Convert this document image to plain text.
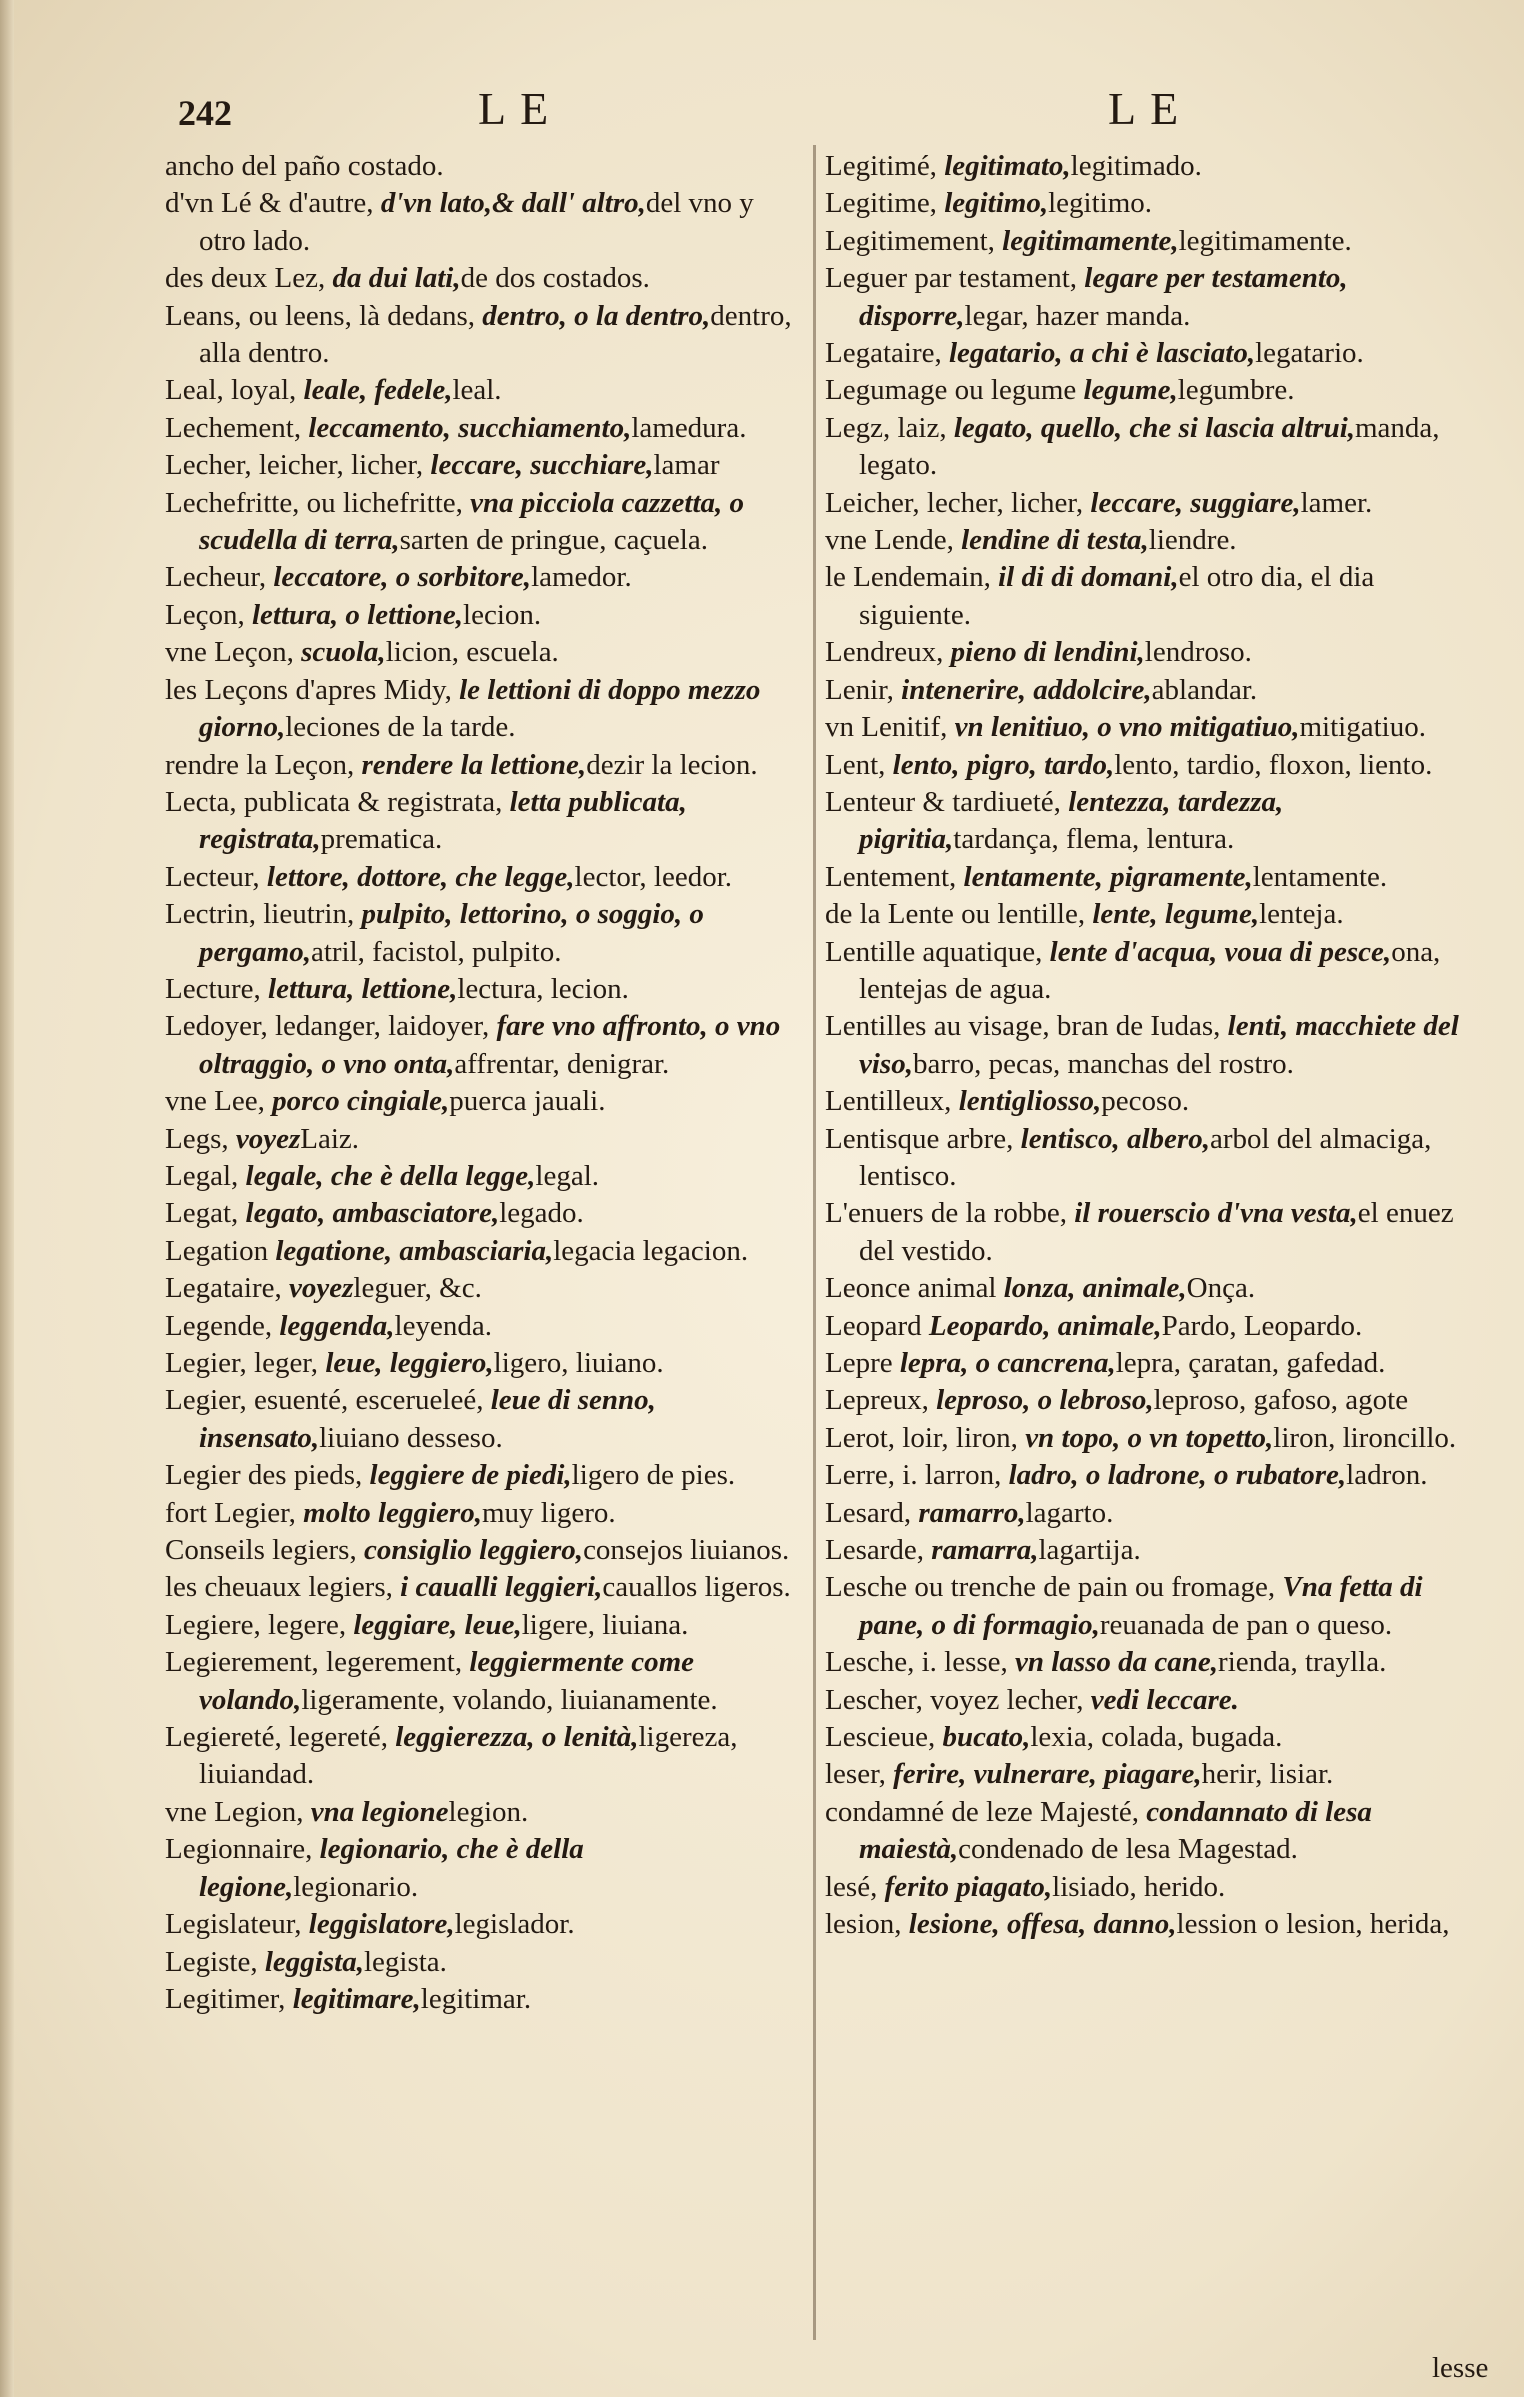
242	LE	LE
ancho del paño costado.
d'vn Lé & d'autre, d'vn lato,& dall' altro,del vno y otro lado.
des deux Lez, da dui lati,de dos costados.
Leans, ou leens, là dedans, dentro, o la dentro,dentro, alla dentro.
Leal, loyal, leale, fedele,leal.
Lechement, leccamento, succhiamento,lamedura.
Lecher, leicher, licher, leccare, succhiare,lamar
Lechefritte, ou lichefritte, vna picciola cazzetta, o scudella di terra,sarten de pringue, caçuela.
Lecheur, leccatore, o sorbitore,lamedor.
Leçon, lettura, o lettione,lecion.
vne Leçon, scuola,licion, escuela.
les Leçons d'apres Midy, le lettioni di doppo mezzo giorno,leciones de la tarde.
rendre la Leçon, rendere la lettione,dezir la lecion.
Lecta, publicata & registrata, letta publicata, registrata,prematica.
Lecteur, lettore, dottore, che legge,lector, leedor.
Lectrin, lieutrin, pulpito, lettorino, o soggio, o pergamo,atril, facistol, pulpito.
Lecture, lettura, lettione,lectura, lecion.
Ledoyer, ledanger, laidoyer, fare vno affronto, o vno oltraggio, o vno onta,affrentar, denigrar.
vne Lee, porco cingiale,puerca jauali.
Legs, voyezLaiz.
Legal, legale, che è della legge,legal.
Legat, legato, ambasciatore,legado.
Legation legatione, ambasciaria,legacia legacion.
Legataire, voyezleguer, &c.
Legende, leggenda,leyenda.
Legier, leger, leue, leggiero,ligero, liuiano.
Legier, esuenté, escerueleé, leue di senno, insensato,liuiano desseso.
Legier des pieds, leggiere de piedi,ligero de pies.
fort Legier, molto leggiero,muy ligero.
Conseils legiers, consiglio leggiero,consejos liuianos.
les cheuaux legiers, i caualli leggieri,cauallos ligeros.
Legiere, legere, leggiare, leue,ligere, liuiana.
Legierement, legerement, leggiermente come volando,ligeramente, volando, liuianamente.
Legiereté, legereté, leggierezza, o lenità,ligereza, liuiandad.
vne Legion, vna legionelegion.
Legionnaire, legionario, che è della legione,legionario.
Legislateur, leggislatore,legislador.
Legiste, leggista,legista.
Legitimer, legitimare,legitimar.
Legitimé, legitimato,legitimado.
Legitime, legitimo,legitimo.
Legitimement, legitimamente,legitimamente.
Leguer par testament, legare per testamento, disporre,legar, hazer manda.
Legataire, legatario, a chi è lasciato,legatario.
Legumage ou legume legume,legumbre.
Legz, laiz, legato, quello, che si lascia altrui,manda, legato.
Leicher, lecher, licher, leccare, suggiare,lamer.
vne Lende, lendine di testa,liendre.
le Lendemain, il di di domani,el otro dia, el dia siguiente.
Lendreux, pieno di lendini,lendroso.
Lenir, intenerire, addolcire,ablandar.
vn Lenitif, vn lenitiuo, o vno mitigatiuo,mitigatiuo.
Lent, lento, pigro, tardo,lento, tardio, floxon, liento.
Lenteur & tardiueté, lentezza, tardezza, pigritia,tardança, flema, lentura.
Lentement, lentamente, pigramente,lentamente.
de la Lente ou lentille, lente, legume,lenteja.
Lentille aquatique, lente d'acqua, voua di pesce,ona, lentejas de agua.
Lentilles au visage, bran de Iudas, lenti, macchiete del viso,barro, pecas, manchas del rostro.
Lentilleux, lentigliosso,pecoso.
Lentisque arbre, lentisco, albero,arbol del almaciga, lentisco.
L'enuers de la robbe, il rouerscio d'vna vesta,el enuez del vestido.
Leonce animal lonza, animale,Onça.
Leopard Leopardo, animale,Pardo, Leopardo.
Lepre lepra, o cancrena,lepra, çaratan, gafedad.
Lepreux, leproso, o lebroso,leproso, gafoso, agote
Lerot, loir, liron, vn topo, o vn topetto,liron, lironcillo.
Lerre, i. larron, ladro, o ladrone, o rubatore,ladron.
Lesard, ramarro,lagarto.
Lesarde, ramarra,lagartija.
Lesche ou trenche de pain ou fromage, Vna fetta di pane, o di formagio,reuanada de pan o queso.
Lesche, i. lesse, vn lasso da cane,rienda, traylla.
Lescher, voyez lecher, vedi leccare.
Lescieue, bucato,lexia, colada, bugada.
leser, ferire, vulnerare, piagare,herir, lisiar.
condamné de leze Majesté, condannato di lesa maiestà,condenado de lesa Magestad.
lesé, ferito piagato,lisiado, herido.
lesion, lesione, offesa, danno,lession o lesion, herida,
lesse
